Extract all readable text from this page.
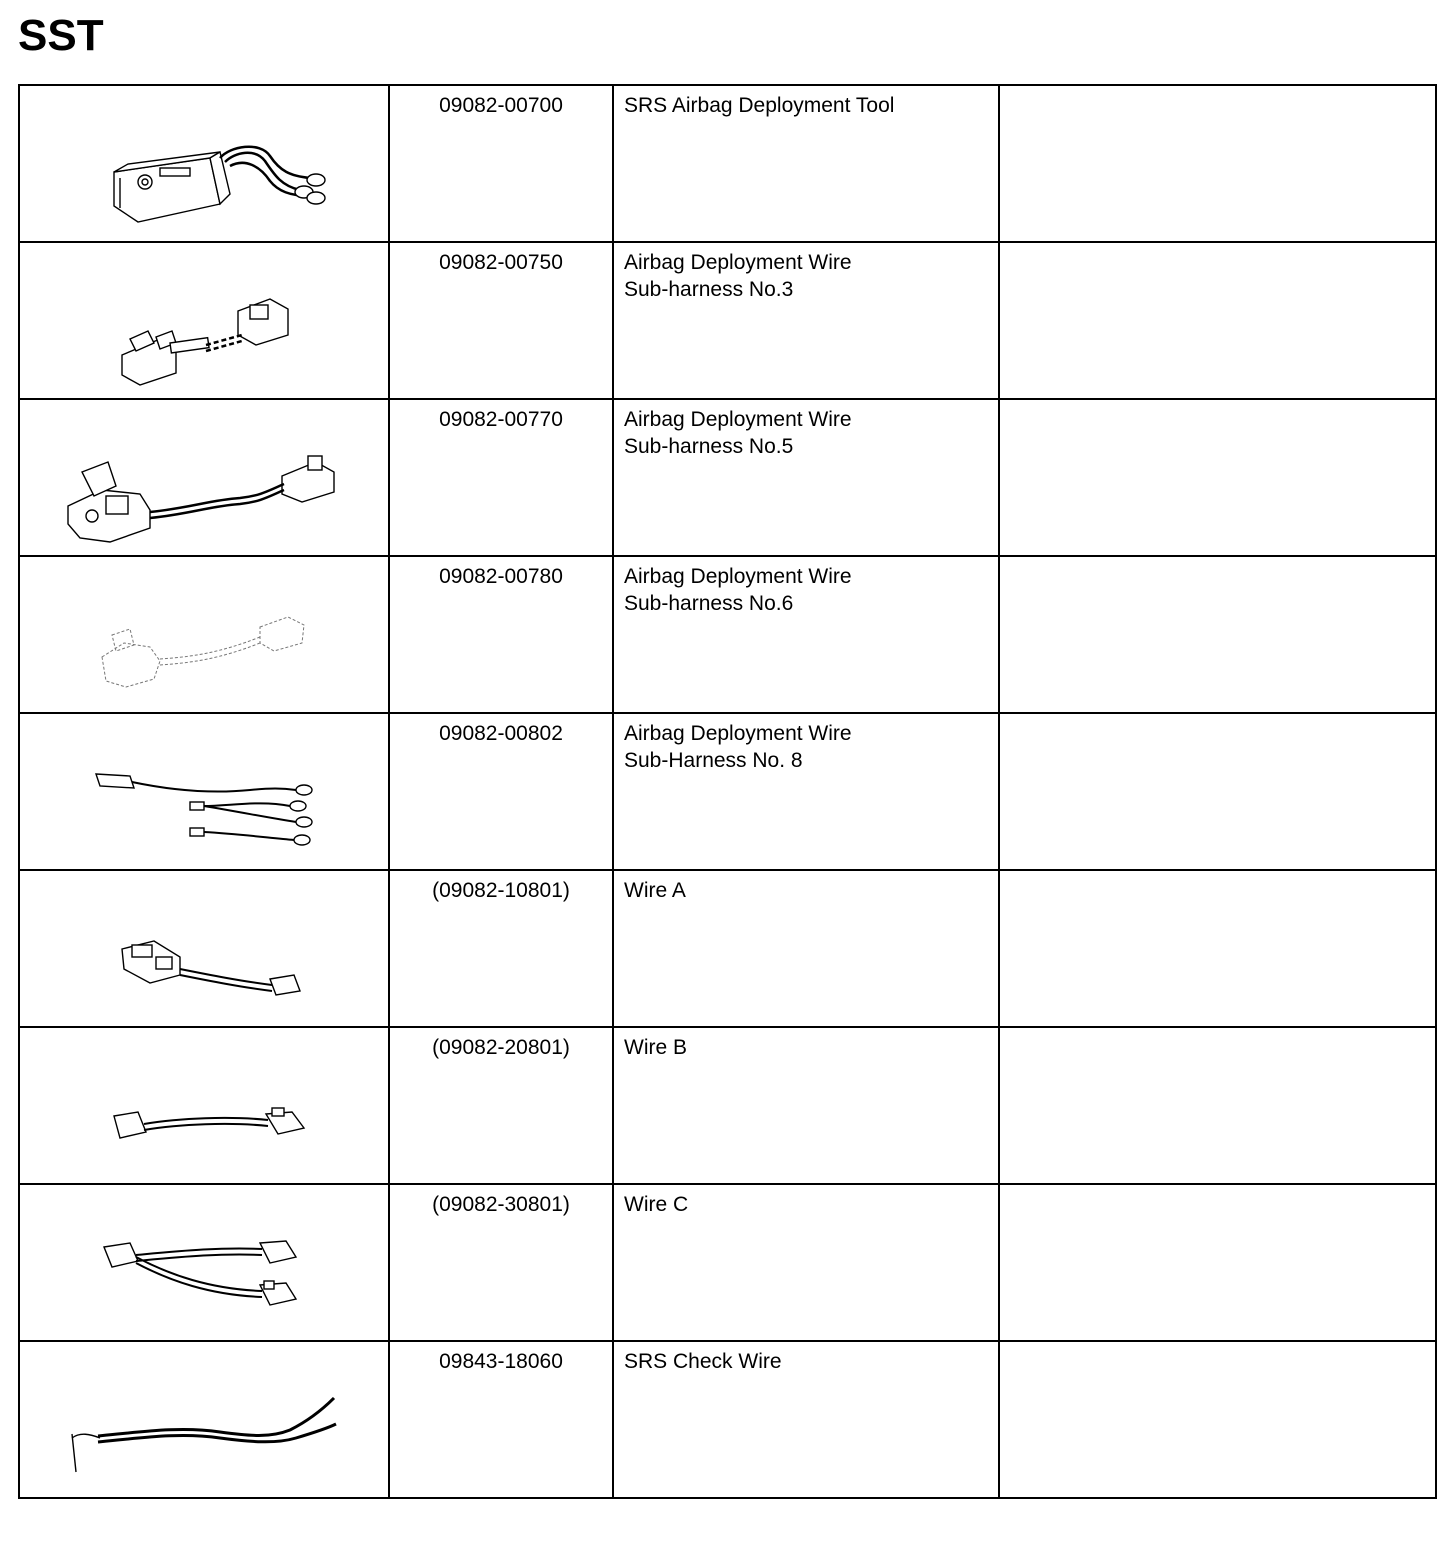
SST
	09082-00700	SRS Airbag Deployment Tool	

	09082-00750	Airbag Deployment Wire
Sub-harness No.3	

	09082-00770	Airbag Deployment Wire
Sub-harness No.5	

	09082-00780	Airbag Deployment Wire
Sub-harness No.6	

	09082-00802	Airbag Deployment Wire
Sub-Harness No. 8	

	(09082-10801)	Wire A	

	(09082-20801)	Wire B	

	(09082-30801)	Wire C	

	09843-18060	SRS Check Wire	
